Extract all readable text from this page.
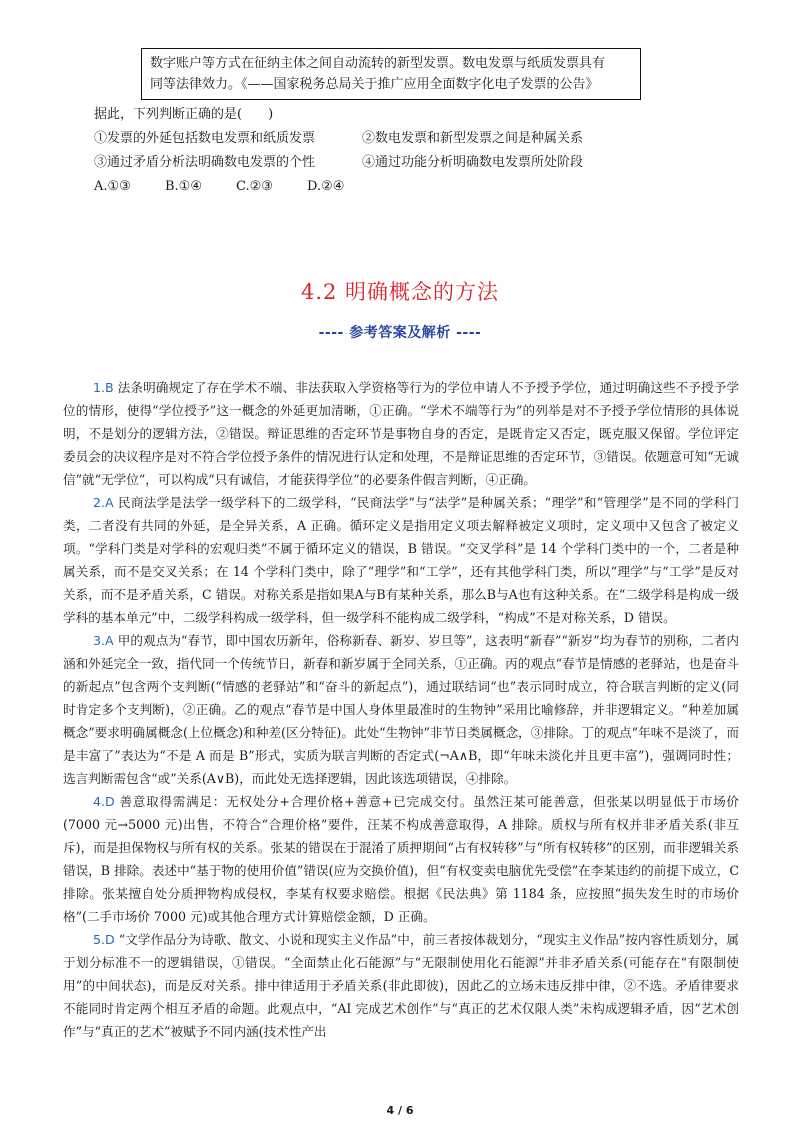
数字账户等方式在征纳主体之间自动流转的新型发票。数电发票与纸质发票具有
同等法律效力。《——国家税务总局关于推广应用全面数字化电子发票的公告》
据此，下列判断正确的是(　　)
①发票的外延包括数电发票和纸质发票	②数电发票和新型发票之间是种属关系
③通过矛盾分析法明确数电发票的个性	④通过功能分析明确数电发票所处阶段
A.①③	B.①④	C.②③	D.②④
4.2 明确概念的方法
---- 参考答案及解析 ----

1.B 法条明确规定了存在学术不端、非法获取入学资格等行为的学位申请人不予授予学位，通过明确这些不予授予学位的情形，使得“学位授予”这一概念的外延更加清晰，①正确。“学术不端等行为”的列举是对不予授予学位情形的具体说明，不是划分的逻辑方法，②错误。辩证思维的否定环节是事物自身的否定，是既肯定又否定，既克服又保留。学位评定委员会的决议程序是对不符合学位授予条件的情况进行认定和处理，不是辩证思维的否定环节，③错误。依题意可知“无诚信”就“无学位”，可以构成“只有诚信，才能获得学位”的必要条件假言判断，④正确。

2.A 民商法学是法学一级学科下的二级学科，“民商法学”与“法学”是种属关系；“理学”和“管理学”是不同的学科门类，二者没有共同的外延，是全异关系，A 正确。循环定义是指用定义项去解释被定义项时，定义项中又包含了被定义项。“学科门类是对学科的宏观归类”不属于循环定义的错误，B 错误。“交叉学科”是 14 个学科门类中的一个，二者是种属关系，而不是交叉关系；在 14 个学科门类中，除了“理学”和“工学”，还有其他学科门类，所以“理学”与“工学”是反对关系，而不是矛盾关系，C 错误。对称关系是指如果A与B有某种关系，那么B与A也有这种关系。在“二级学科是构成一级学科的基本单元”中，二级学科构成一级学科，但一级学科不能构成二级学科，“构成”不是对称关系，D 错误。

3.A 甲的观点为“春节，即中国农历新年，俗称新春、新岁、岁旦等”，这表明“新春”“新岁”均为春节的别称，二者内涵和外延完全一致，指代同一个传统节日，新春和新岁属于全同关系，①正确。丙的观点“春节是情感的老驿站，也是奋斗的新起点”包含两个支判断(“情感的老驿站”和“奋斗的新起点”)，通过联结词“也”表示同时成立，符合联言判断的定义(同时肯定多个支判断)，②正确。乙的观点“春节是中国人身体里最准时的生物钟”采用比喻修辞，并非逻辑定义。“种差加属概念”要求明确属概念(上位概念)和种差(区分特征)。此处“生物钟”非节日类属概念，③排除。丁的观点“年味不是淡了，而是丰富了”表达为“不是 A 而是 B”形式，实质为联言判断的否定式(¬A∧B，即“年味未淡化并且更丰富”)，强调同时性；选言判断需包含“或”关系(A∨B)，而此处无选择逻辑，因此该选项错误，④排除。

4.D 善意取得需满足：无权处分+合理价格+善意+已完成交付。虽然汪某可能善意，但张某以明显低于市场价(7000 元→5000 元)出售，不符合“合理价格”要件，汪某不构成善意取得，A 排除。质权与所有权并非矛盾关系(非互斥)，而是担保物权与所有权的关系。张某的错误在于混淆了质押期间“占有权转移”与“所有权转移”的区别，而非逻辑关系错误，B 排除。表述中“基于物的使用价值”错误(应为交换价值)，但“有权变卖电脑优先受偿”在李某违约的前提下成立，C 排除。张某擅自处分质押物构成侵权，李某有权要求赔偿。根据《民法典》第 1184 条，应按照“损失发生时的市场价格”(二手市场价 7000 元)或其他合理方式计算赔偿金额，D 正确。

5.D “文学作品分为诗歌、散文、小说和现实主义作品”中，前三者按体裁划分，“现实主义作品”按内容性质划分，属于划分标准不一的逻辑错误，①错误。“全面禁止化石能源”与“无限制使用化石能源”并非矛盾关系(可能存在“有限制使用”的中间状态)，而是反对关系。排中律适用于矛盾关系(非此即彼)，因此乙的立场未违反排中律，②不选。矛盾律要求不能同时肯定两个相互矛盾的命题。此观点中，“AI 完成艺术创作”与“真正的艺术仅限人类”未构成逻辑矛盾，因“艺术创作”与“真正的艺术”被赋予不同内涵(技术性产出

4 / 6
